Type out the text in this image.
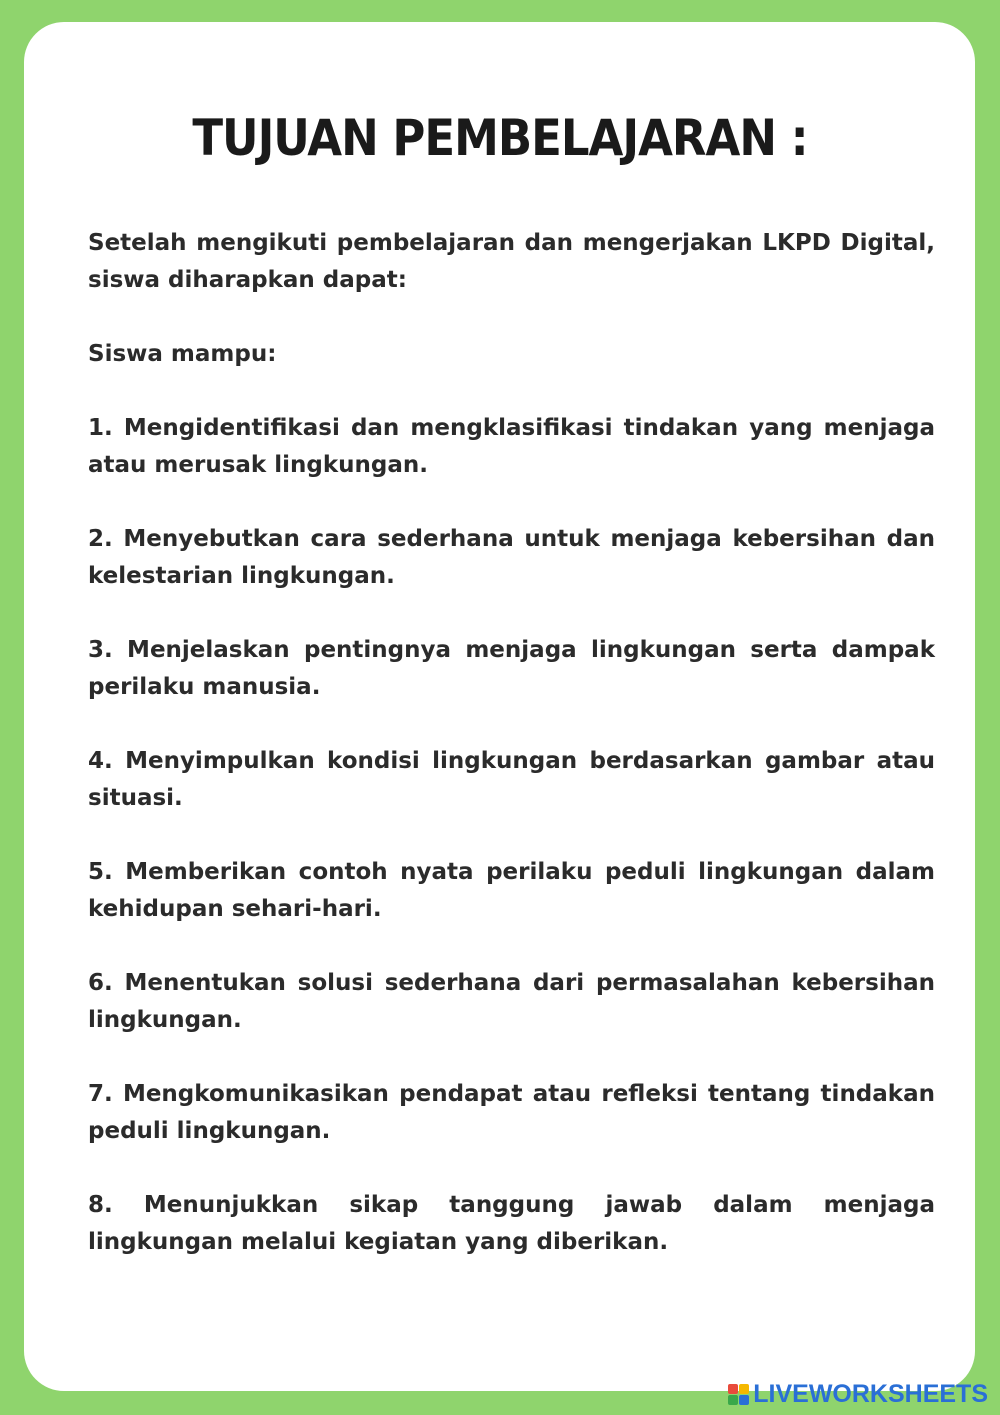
TUJUAN PEMBELAJARAN :

Setelah mengikuti pembelajaran dan mengerjakan LKPD Digital, siswa diharapkan dapat:

Siswa mampu:

1. Mengidentifikasi dan mengklasifikasi tindakan yang menjaga atau merusak lingkungan.

2. Menyebutkan cara sederhana untuk menjaga kebersihan dan kelestarian lingkungan.

3. Menjelaskan pentingnya menjaga lingkungan serta dampak perilaku manusia.

4. Menyimpulkan kondisi lingkungan berdasarkan gambar atau situasi.

5. Memberikan contoh nyata perilaku peduli lingkungan dalam kehidupan sehari-hari.

6. Menentukan solusi sederhana dari permasalahan kebersihan lingkungan.

7. Mengkomunikasikan pendapat atau refleksi tentang tindakan peduli lingkungan.

8. Menunjukkan sikap tanggung jawab dalam menjaga lingkungan melalui kegiatan yang diberikan.

LIVEWORKSHEETS
